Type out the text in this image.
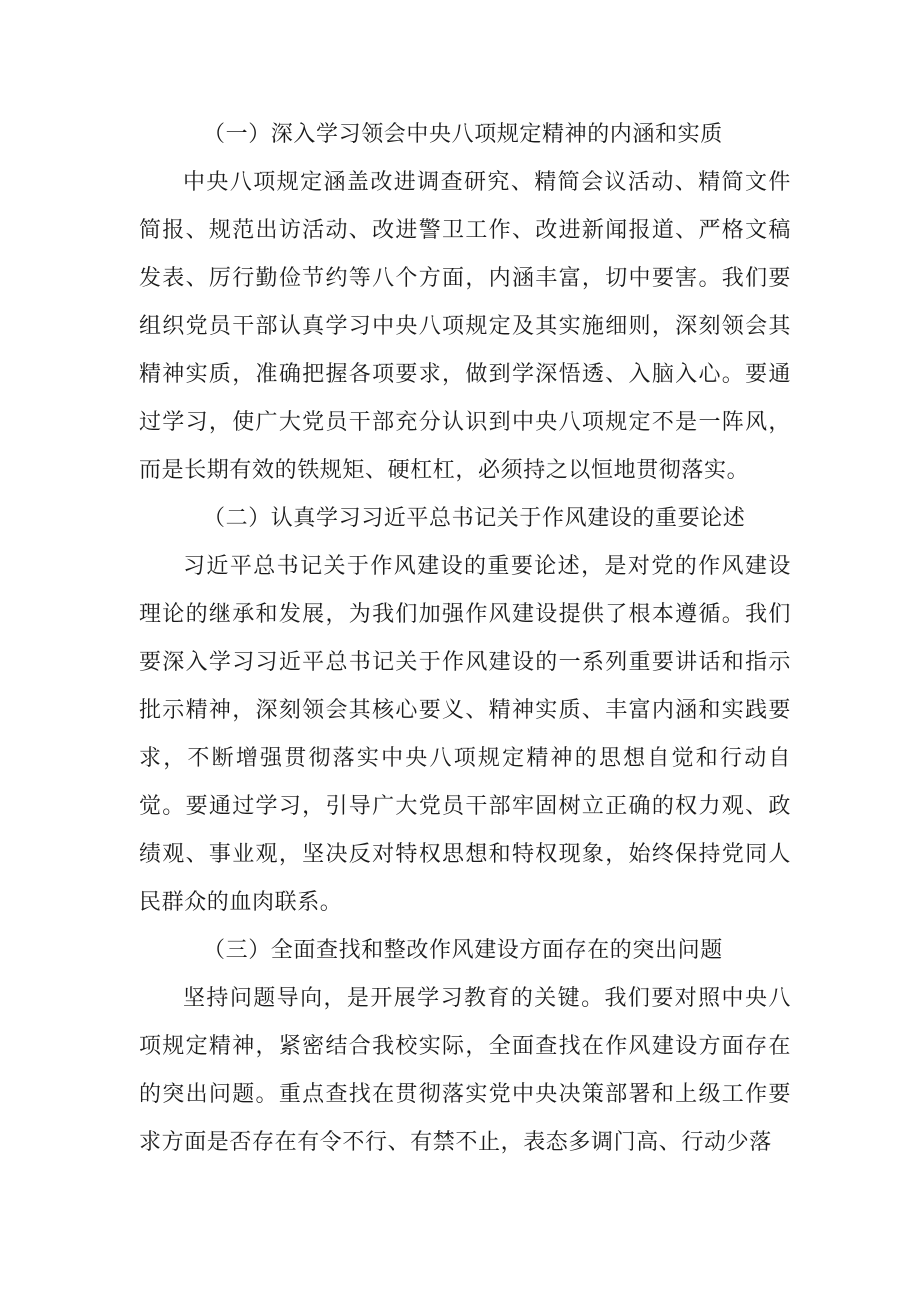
（一）深入学习领会中央八项规定精神的内涵和实质

中央八项规定涵盖改进调查研究、精简会议活动、精简文件简报、规范出访活动、改进警卫工作、改进新闻报道、严格文稿发表、厉行勤俭节约等八个方面，内涵丰富，切中要害。我们要组织党员干部认真学习中央八项规定及其实施细则，深刻领会其精神实质，准确把握各项要求，做到学深悟透、入脑入心。要通过学习，使广大党员干部充分认识到中央八项规定不是一阵风，而是长期有效的铁规矩、硬杠杠，必须持之以恒地贯彻落实。

（二）认真学习习近平总书记关于作风建设的重要论述

习近平总书记关于作风建设的重要论述，是对党的作风建设理论的继承和发展，为我们加强作风建设提供了根本遵循。我们要深入学习习近平总书记关于作风建设的一系列重要讲话和指示批示精神，深刻领会其核心要义、精神实质、丰富内涵和实践要求，不断增强贯彻落实中央八项规定精神的思想自觉和行动自觉。要通过学习，引导广大党员干部牢固树立正确的权力观、政绩观、事业观，坚决反对特权思想和特权现象，始终保持党同人民群众的血肉联系。

（三）全面查找和整改作风建设方面存在的突出问题

坚持问题导向，是开展学习教育的关键。我们要对照中央八项规定精神，紧密结合我校实际，全面查找在作风建设方面存在的突出问题。重点查找在贯彻落实党中央决策部署和上级工作要求方面是否存在有令不行、有禁不止，表态多调门高、行动少落
